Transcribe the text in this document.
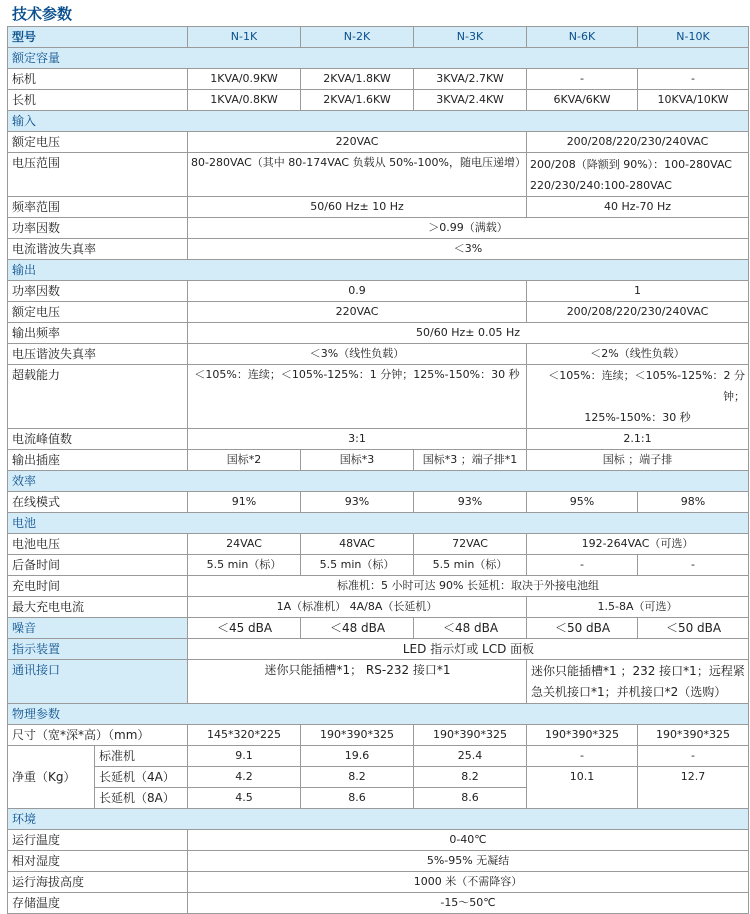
技术参数
型号		N-1K	N-2K	N-3K	N-6K	N-10K
额定容量						
标机		1KVA/0.9KW	2KVA/1.8KW	3KVA/2.7KW	-	-
长机		1KVA/0.8KW	2KVA/1.6KW	3KVA/2.4KW	6KVA/6KW	10KVA/10KW
输入						
额定电压		220VAC			200/208/220/230/240VAC	
电压范围		80-280VAC（其中 80-174VAC 负载从 50%-100%，随电压递增）			200/208（降额到 90%）：100-280VAC
220/230/240:100-280VAC	

频率范围		50/60 Hz± 10 Hz			40 Hz-70 Hz	
功率因数		＞0.99（满载）				
电流谐波失真率		＜3%				
输出						
功率因数		0.9			1	
额定电压		220VAC			200/208/220/230/240VAC	
输出频率		50/60 Hz± 0.05 Hz				
电压谐波失真率		＜3%（线性负载）			＜2%（线性负载）	
超载能力		＜105%：连续；＜105%-125%：1 分钟；125%-150%：30 秒			＜105%：连续；＜105%-125%：2 分钟；
125%-150%：30 秒	

电流峰值数		3:1			2.1:1	
输出插座		国标*2	国标*3	国标*3 ；端子排*1	国标 ；端子排	
效率						
在线模式		91%	93%	93%	95%	98%
电池						
电池电压		24VAC	48VAC	72VAC	192-264VAC（可选）	
后备时间		5.5 min（标）	5.5 min（标）	5.5 min（标）	-	-
充电时间		标准机：5 小时可达 90% 长延机：取决于外接电池组				
最大充电电流		1A（标准机） 4A/8A（长延机）			1.5-8A（可选）	
噪音		＜45 dBA	＜48 dBA	＜48 dBA	＜50 dBA	＜50 dBA
指示装置		LED 指示灯或 LCD 面板				
通讯接口		迷你只能插槽*1； RS-232 接口*1			迷你只能插槽*1 ；232 接口*1；远程紧
急关机接口*1；并机接口*2（选购）	

物理参数						
尺寸（宽*深*高）（mm）		145*320*225	190*390*325	190*390*325	190*390*325	190*390*325
净重（Kg）	标准机	9.1	19.6	25.4	-	-
	长延机（4A）	4.2	8.2	8.2	10.1	12.7
	长延机（8A）	4.5	8.6	8.6		
环境						
运行温度		0-40℃				
相对湿度		5%-95% 无凝结				
运行海拔高度		1000 米（不需降容）				
存储温度		-15～50℃				
